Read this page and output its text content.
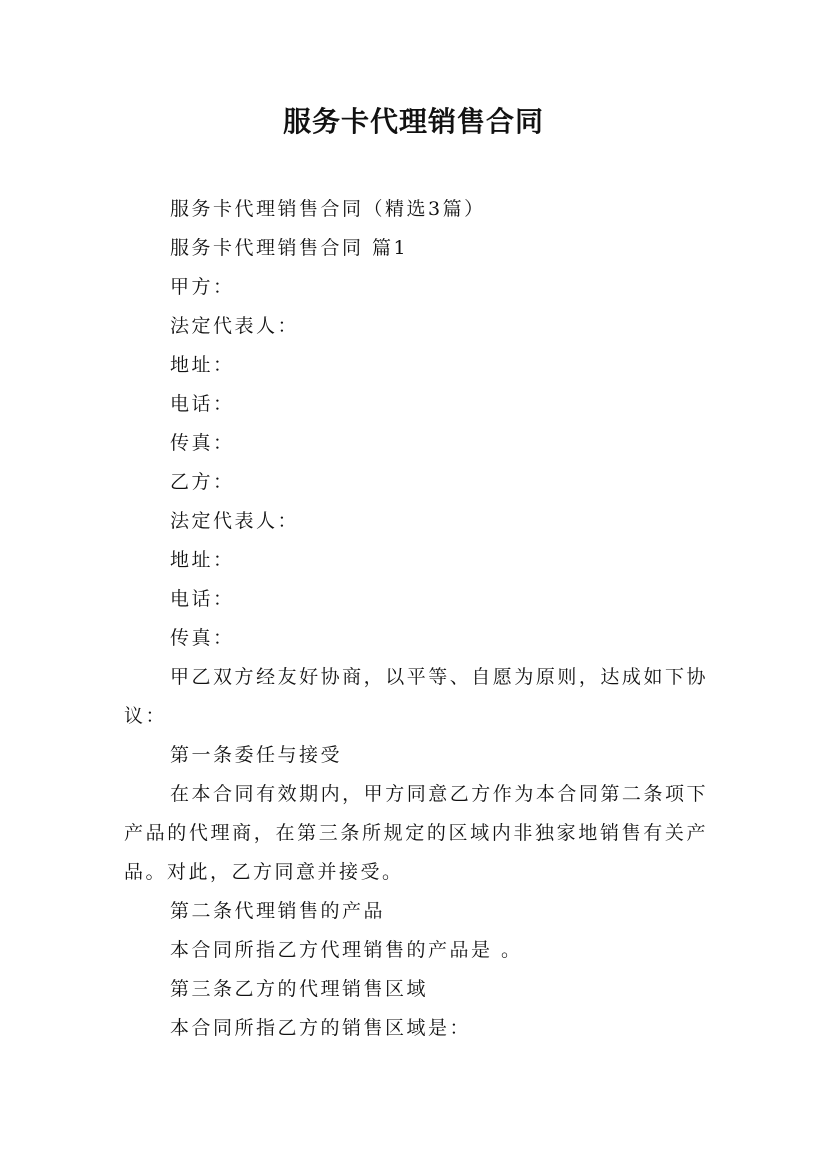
服务卡代理销售合同

服务卡代理销售合同（精选3篇）

服务卡代理销售合同 篇1

甲方：

法定代表人：

地址：

电话：

传真：

乙方：

法定代表人：

地址：

电话：

传真：

甲乙双方经友好协商，以平等、自愿为原则，达成如下协议：

第一条委任与接受

在本合同有效期内，甲方同意乙方作为本合同第二条项下产品的代理商，在第三条所规定的区域内非独家地销售有关产品。对此，乙方同意并接受。

第二条代理销售的产品

本合同所指乙方代理销售的产品是 。

第三条乙方的代理销售区域

本合同所指乙方的销售区域是：
